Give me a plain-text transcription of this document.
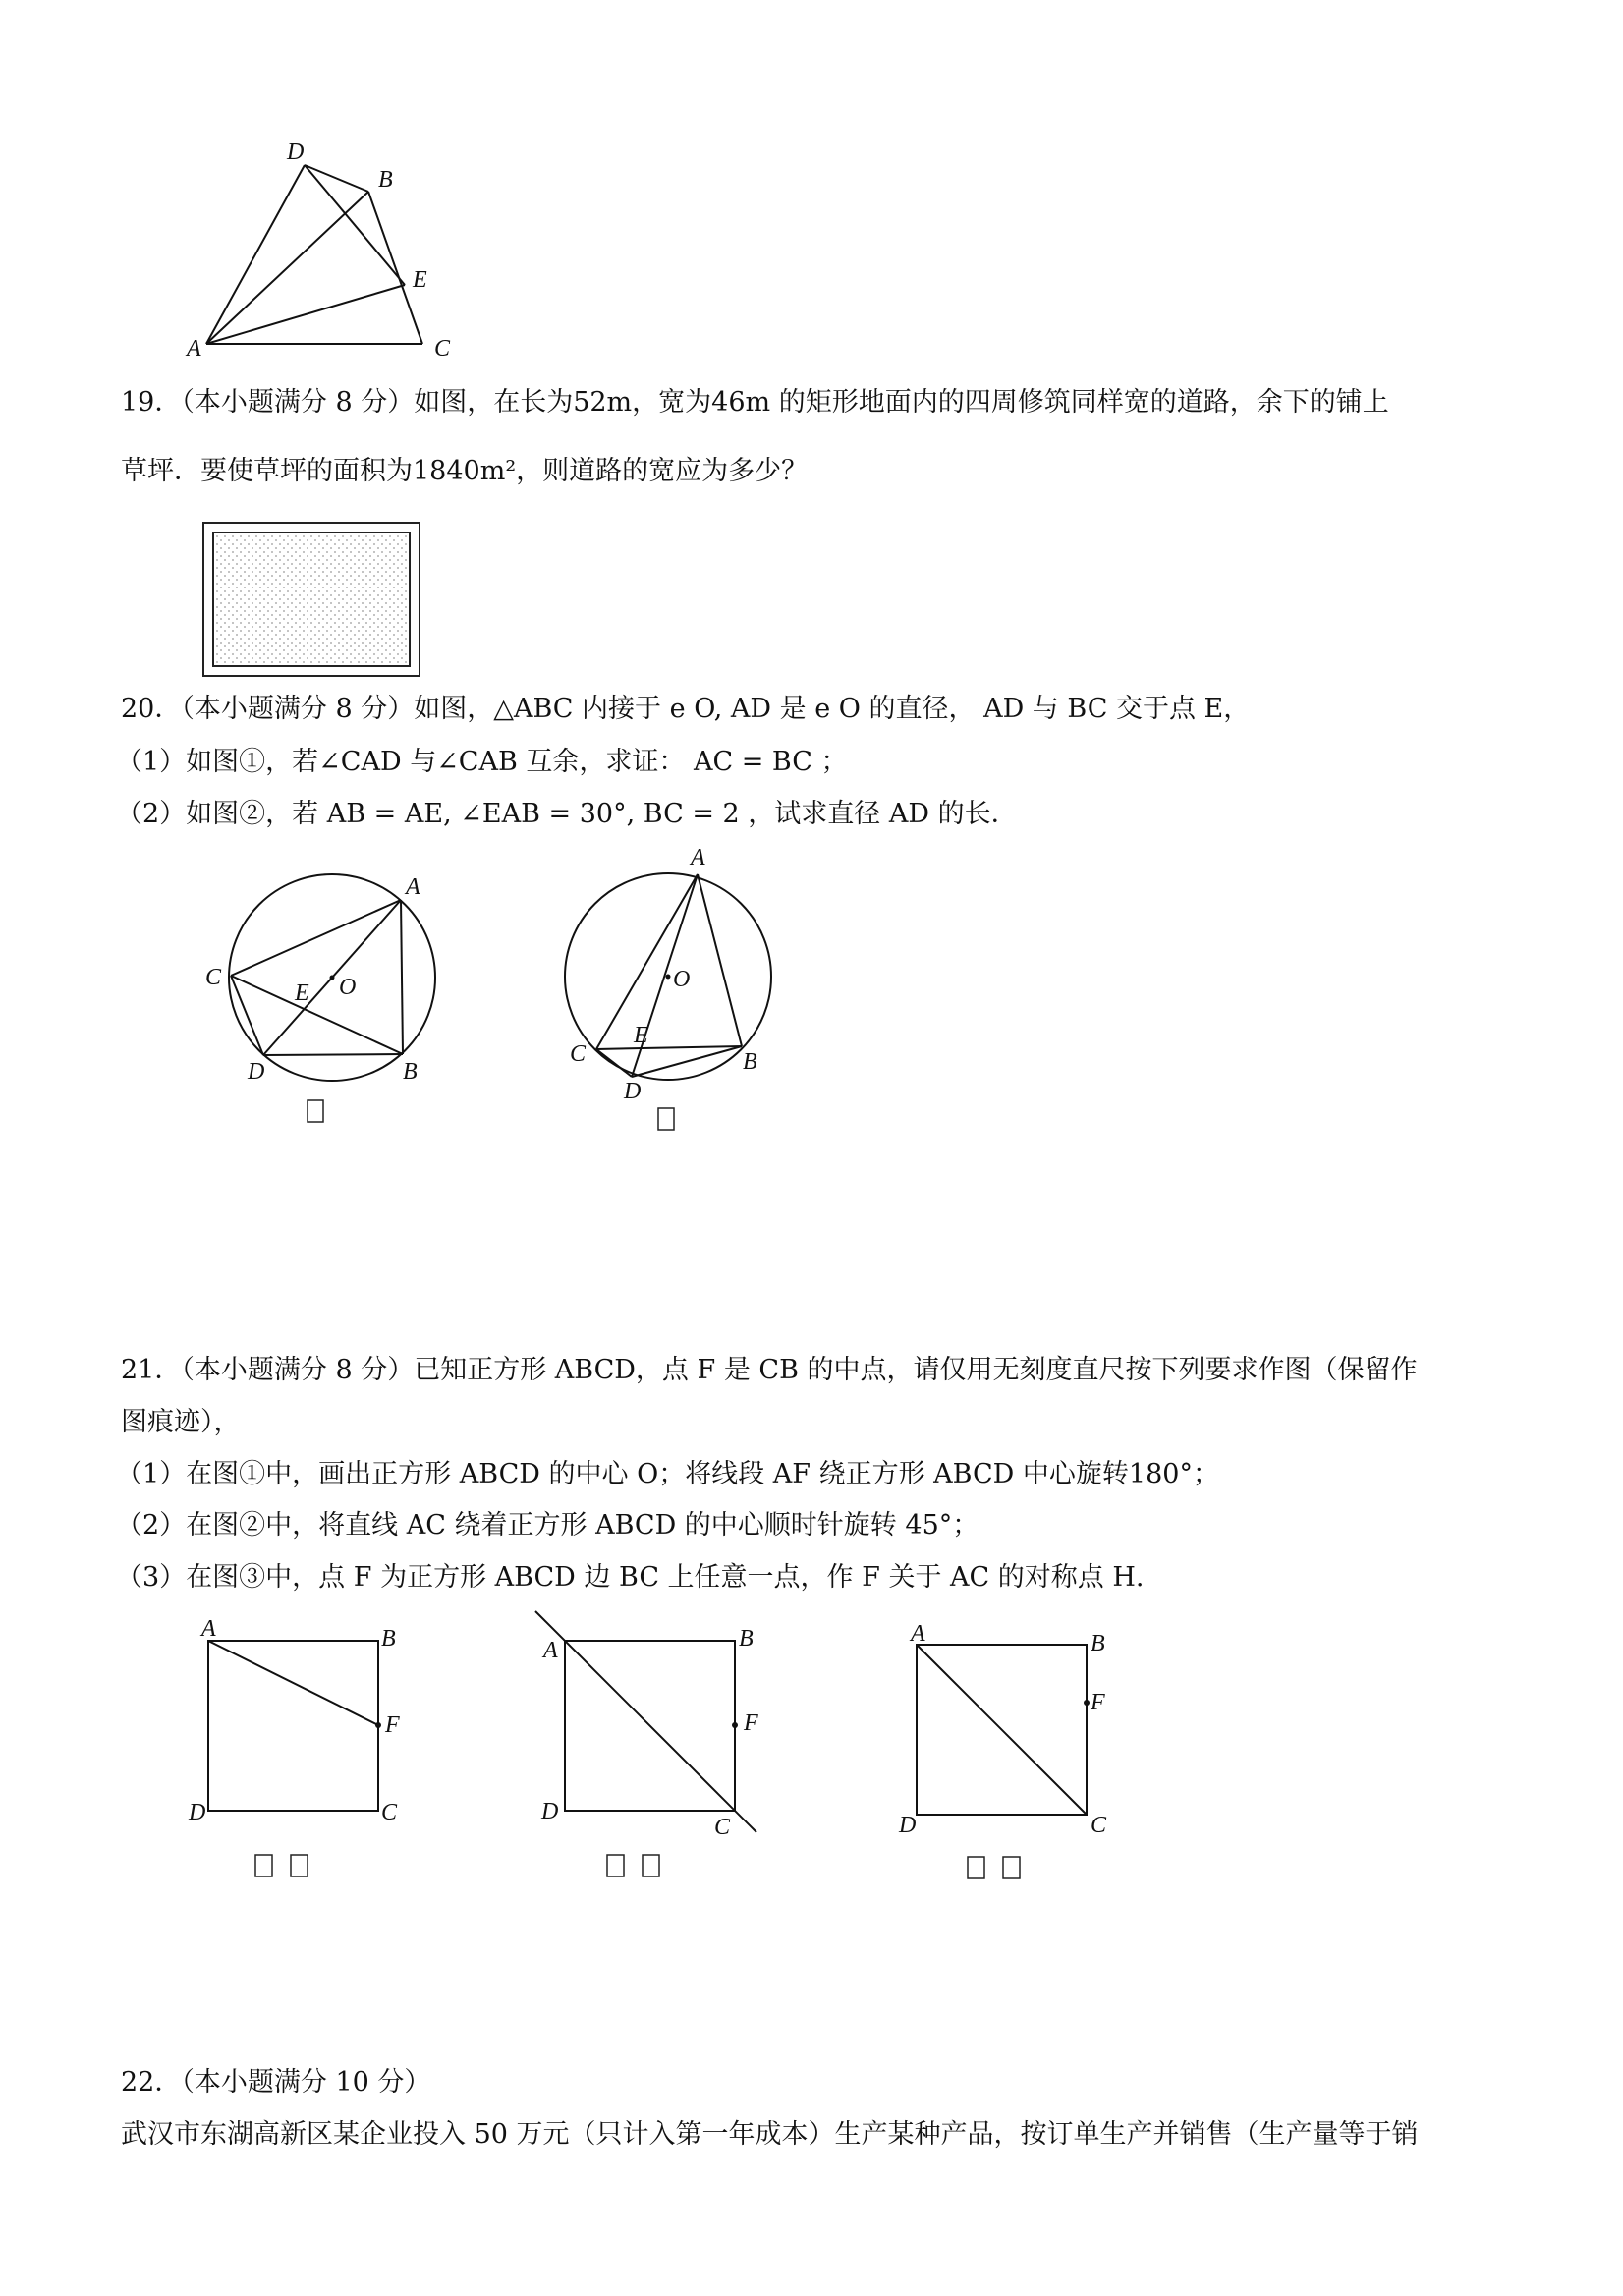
D
B
E
A	C
19．（本小题满分 8 分）如图，在长为52m，宽为46m 的矩形地面内的四周修筑同样宽的道路，余下的铺上
草坪．要使草坪的面积为1840m²，则道路的宽应为多少？
20．（本小题满分 8 分）如图，△ABC 内接于 e O, AD 是 e O 的直径， AD 与 BC 交于点 E，
（1）如图①，若∠CAD 与∠CAB 互余，求证： AC = BC ；
（2）如图②，若 AB = AE, ∠EAB = 30°, BC = 2 ，试求直径 AD 的长．
A
C
E O
D	B
A
O
E
C	B
D
21．（本小题满分 8 分）已知正方形 ABCD，点 F 是 CB 的中点，请仅用无刻度直尺按下列要求作图（保留作
图痕迹），
（1）在图①中，画出正方形 ABCD 的中心 O；将线段 AF 绕正方形 ABCD 中心旋转180°；
（2）在图②中，将直线 AC 绕着正方形 ABCD 的中心顺时针旋转 45°；
（3）在图③中，点 F 为正方形 ABCD 边 BC 上任意一点，作 F 关于 AC 的对称点 H.
A	B
F
D	C
A	B
F
D
C
A	B
F
D	C
22．（本小题满分 10 分）
武汉市东湖高新区某企业投入 50 万元（只计入第一年成本）生产某种产品，按订单生产并销售（生产量等于销
